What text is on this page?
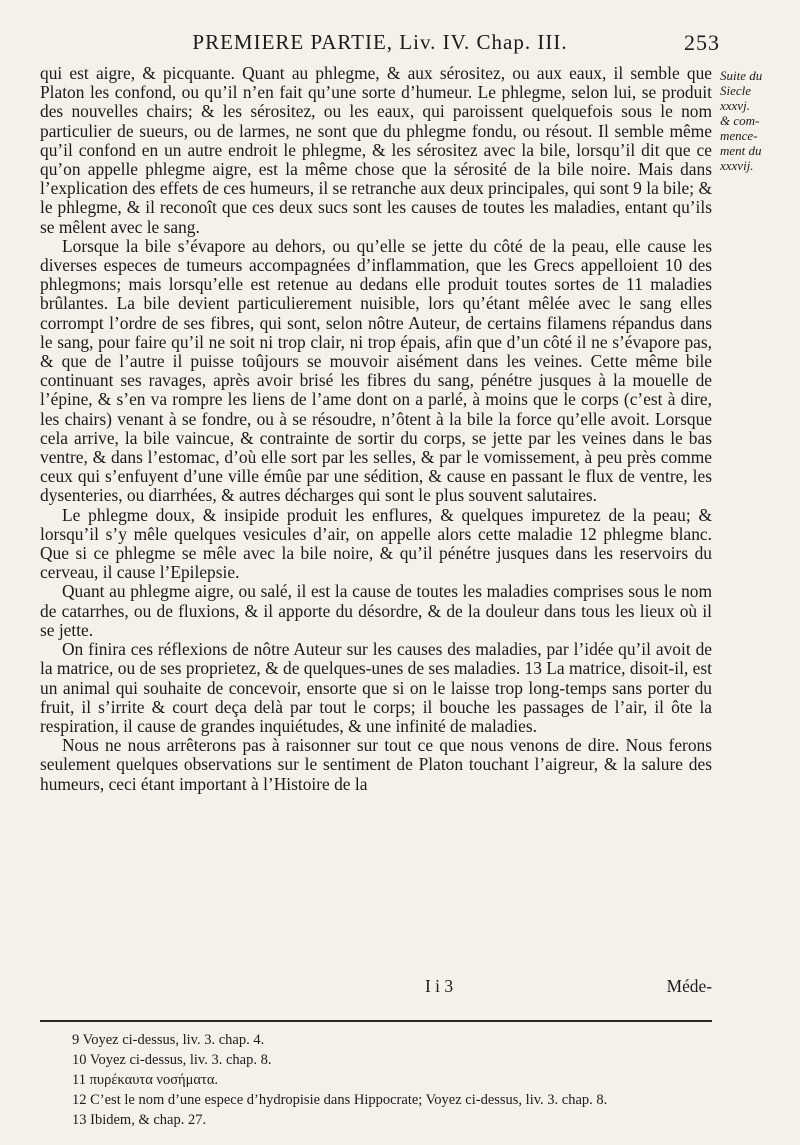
PREMIERE PARTIE, Liv. IV. Chap. III.	253
Suite du
Siecle
xxxvj.
& com-
mence-
ment du
xxxvij.

qui est aigre, & picquante. Quant au phlegme, & aux sérositez, ou aux eaux, il semble que Platon les confond, ou qu’il n’en fait qu’une sorte d’humeur. Le phlegme, selon lui, se produit des nouvelles chairs; & les sérositez, ou les eaux, qui paroissent quelquefois sous le nom particulier de sueurs, ou de larmes, ne sont que du phlegme fondu, ou résout. Il semble même qu’il confond en un autre endroit le phlegme, & les sérositez avec la bile, lorsqu’il dit que ce qu’on appelle phlegme aigre, est la même chose que la sérosité de la bile noire. Mais dans l’explication des effets de ces humeurs, il se retranche aux deux principales, qui sont 9 la bile; & le phlegme, & il reconoît que ces deux sucs sont les causes de toutes les maladies, entant qu’ils se mêlent avec le sang.

Lorsque la bile s’évapore au dehors, ou qu’elle se jette du côté de la peau, elle cause les diverses especes de tumeurs accompagnées d’inflammation, que les Grecs appelloient 10 des phlegmons; mais lorsqu’elle est retenue au dedans elle produit toutes sortes de 11 maladies brûlantes. La bile devient particulierement nuisible, lors qu’étant mêlée avec le sang elles corrompt l’ordre de ses fibres, qui sont, selon nôtre Auteur, de certains filamens répandus dans le sang, pour faire qu’il ne soit ni trop clair, ni trop épais, afin que d’un côté il ne s’évapore pas, & que de l’autre il puisse toûjours se mouvoir aisément dans les veines. Cette même bile continuant ses ravages, après avoir brisé les fibres du sang, pénétre jusques à la mouelle de l’épine, & s’en va rompre les liens de l’ame dont on a parlé, à moins que le corps (c’est à dire, les chairs) venant à se fondre, ou à se résoudre, n’ôtent à la bile la force qu’elle avoit. Lorsque cela arrive, la bile vaincue, & contrainte de sortir du corps, se jette par les veines dans le bas ventre, & dans l’estomac, d’où elle sort par les selles, & par le vomissement, à peu près comme ceux qui s’enfuyent d’une ville émûe par une sédition, & cause en passant le flux de ventre, les dysenteries, ou diarrhées, & autres décharges qui sont le plus souvent salutaires.

Le phlegme doux, & insipide produit les enflures, & quelques impuretez de la peau; & lorsqu’il s’y mêle quelques vesicules d’air, on appelle alors cette maladie 12 phlegme blanc. Que si ce phlegme se mêle avec la bile noire, & qu’il pénétre jusques dans les reservoirs du cerveau, il cause l’Epilepsie.

Quant au phlegme aigre, ou salé, il est la cause de toutes les maladies comprises sous le nom de catarrhes, ou de fluxions, & il apporte du désordre, & de la douleur dans tous les lieux où il se jette.

On finira ces réflexions de nôtre Auteur sur les causes des maladies, par l’idée qu’il avoit de la matrice, ou de ses proprietez, & de quelques-unes de ses maladies. 13 La matrice, disoit-il, est un animal qui souhaite de concevoir, ensorte que si on le laisse trop long-temps sans porter du fruit, il s’irrite & court deça delà par tout le corps; il bouche les passages de l’air, il ôte la respiration, il cause de grandes inquiétudes, & une infinité de maladies.

Nous ne nous arrêterons pas à raisonner sur tout ce que nous venons de dire. Nous ferons seulement quelques observations sur le sentiment de Platon touchant l’aigreur, & la salure des humeurs, ceci étant important à l’Histoire de la

I i 3	Méde-

9 Voyez ci-dessus, liv. 3. chap. 4.

10 Voyez ci-dessus, liv. 3. chap. 8.

11 πυρέκαυτα νοσήματα.

12 C’est le nom d’une espece d’hydropisie dans Hippocrate; Voyez ci-dessus, liv. 3. chap. 8.

13 Ibidem, & chap. 27.
